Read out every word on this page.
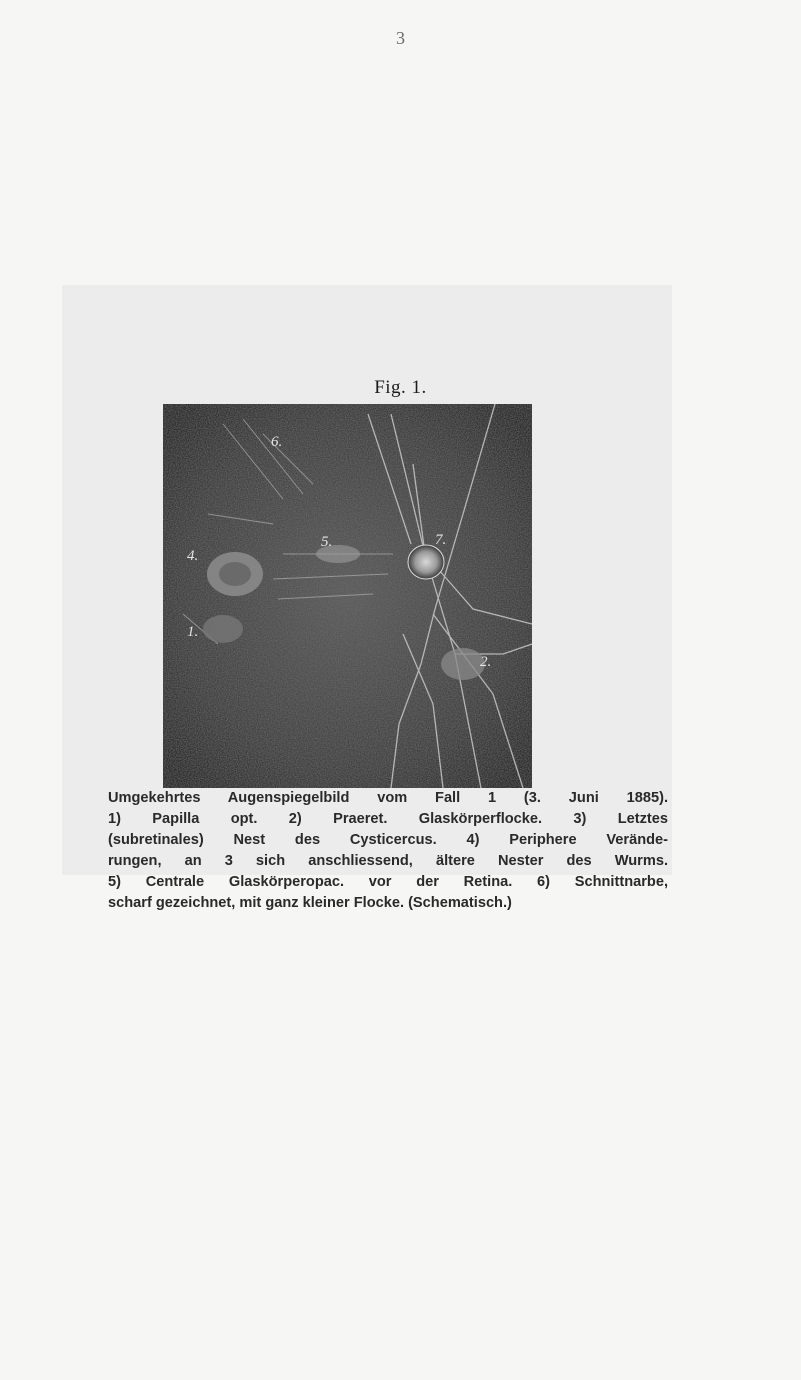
3
Fig. 1.
6.
4.
5.	7.
2.
1.

Umgekehrtes Augenspiegelbild vom Fall 1 (3. Juni 1885).
1) Papilla opt. 2) Praeret. Glaskörperflocke. 3) Letztes
(subretinales) Nest des Cysticercus. 4) Periphere Verände-
rungen, an 3 sich anschliessend, ältere Nester des Wurms.
5) Centrale Glaskörperopac. vor der Retina. 6) Schnittnarbe,
scharf gezeichnet, mit ganz kleiner Flocke. (Schematisch.)
